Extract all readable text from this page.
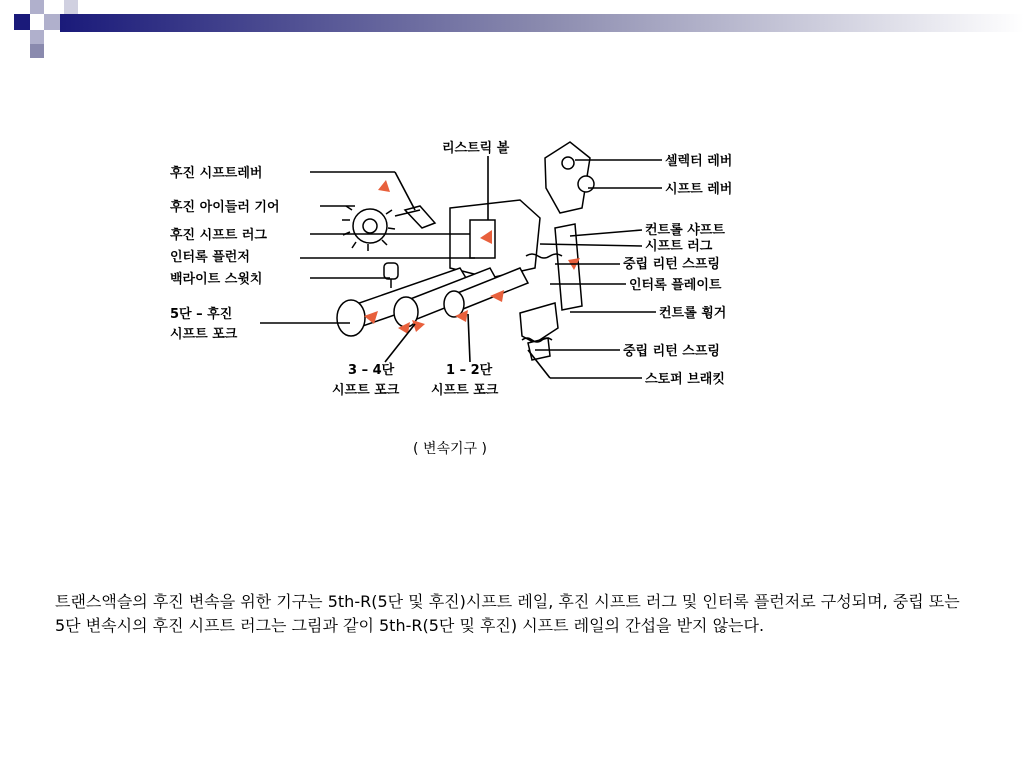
후진 시프트레버
후진 아이들러 기어
후진 시프트 러그
인터록 플런저
백라이트 스윗치
5단 – 후진
시프트 포크
리스트릭 볼
셀렉터 레버
시프트 레버
컨트롤 샤프트
시프트 러그
중립 리턴 스프링
인터록 플레이트
컨트롤 휭거
중립 리턴 스프링
스토퍼 브래킷
3 – 4단
시프트 포크
1 – 2단
시프트 포크
( 변속기구 )

트랜스액슬의 후진 변속을 위한 기구는 5th-R(5단 및 후진)시프트 레일, 후진 시프트 러그 및 인터록 플런저로 구성되며, 중립 또는 5단 변속시의 후진 시프트 러그는 그림과 같이 5th-R(5단 및 후진) 시프트 레일의 간섭을 받지 않는다.
